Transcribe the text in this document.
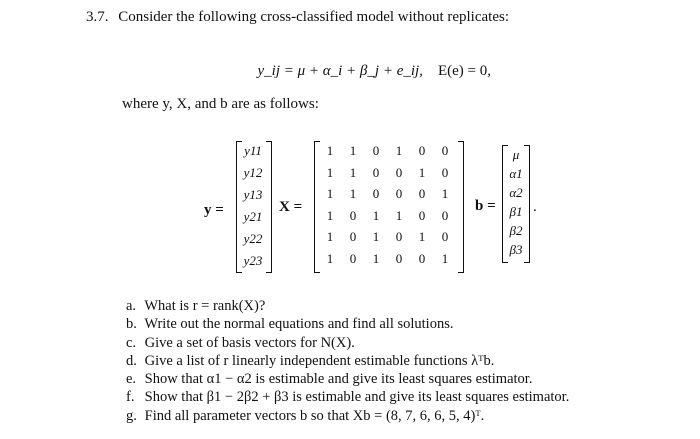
3.7. Consider the following cross-classified model without replicates:

y_ij = μ + α_i + β_j + e_ij, E(e) = 0,

where y, X, and b are as follows:
y =
y11
y12
y13
y21
y22
y23
X =
1	1	0	1	0	0
1	1	0	0	1	0
1	1	0	0	0	1
1	0	1	1	0	0
1	0	1	0	1	0
1	0	1	0	0	1
b =
μ
α1
α2
β1
β2
β3
.
a. What is r = rank(X)?
b. Write out the normal equations and find all solutions.
c. Give a set of basis vectors for N(X).
d. Give a list of r linearly independent estimable functions λᵀb.
e. Show that α1 − α2 is estimable and give its least squares estimator.
f. Show that β1 − 2β2 + β3 is estimable and give its least squares estimator.
g. Find all parameter vectors b so that Xb = (8, 7, 6, 6, 5, 4)ᵀ.
